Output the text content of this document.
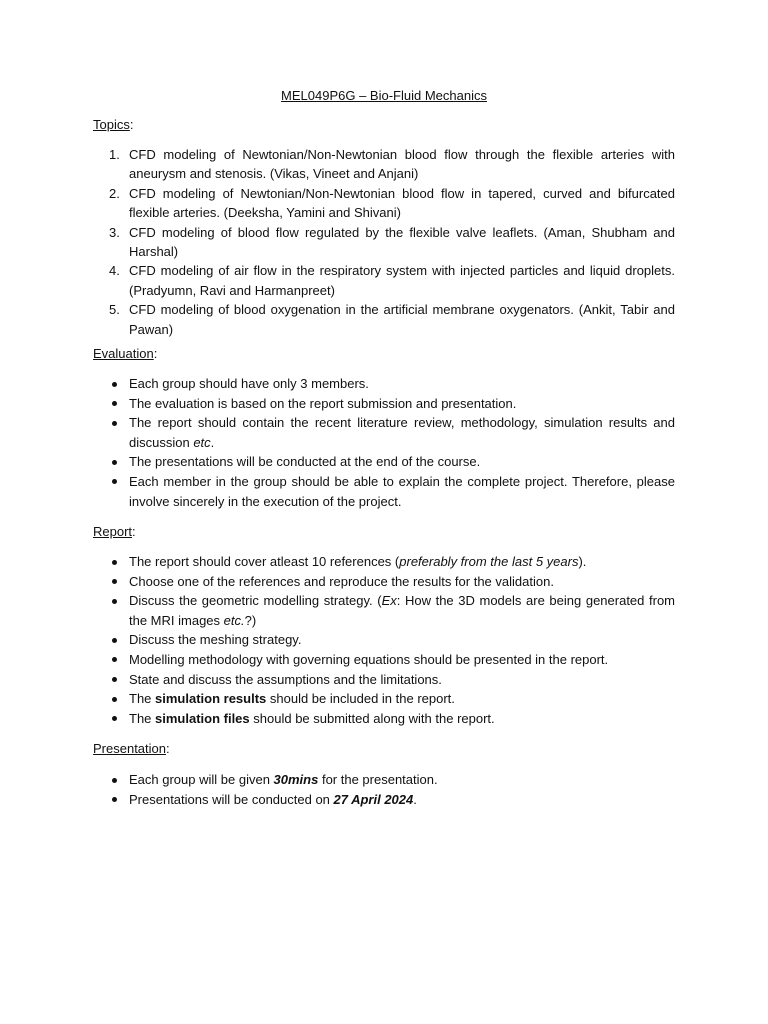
MEL049P6G – Bio-Fluid Mechanics
Topics:
1. CFD modeling of Newtonian/Non-Newtonian blood flow through the flexible arteries with aneurysm and stenosis. (Vikas, Vineet and Anjani)
2. CFD modeling of Newtonian/Non-Newtonian blood flow in tapered, curved and bifurcated flexible arteries. (Deeksha, Yamini and Shivani)
3. CFD modeling of blood flow regulated by the flexible valve leaflets. (Aman, Shubham and Harshal)
4. CFD modeling of air flow in the respiratory system with injected particles and liquid droplets. (Pradyumn, Ravi and Harmanpreet)
5. CFD modeling of blood oxygenation in the artificial membrane oxygenators. (Ankit, Tabir and Pawan)
Evaluation:
Each group should have only 3 members.
The evaluation is based on the report submission and presentation.
The report should contain the recent literature review, methodology, simulation results and discussion etc.
The presentations will be conducted at the end of the course.
Each member in the group should be able to explain the complete project. Therefore, please involve sincerely in the execution of the project.
Report:
The report should cover atleast 10 references (preferably from the last 5 years).
Choose one of the references and reproduce the results for the validation.
Discuss the geometric modelling strategy. (Ex: How the 3D models are being generated from the MRI images etc.?)
Discuss the meshing strategy.
Modelling methodology with governing equations should be presented in the report.
State and discuss the assumptions and the limitations.
The simulation results should be included in the report.
The simulation files should be submitted along with the report.
Presentation:
Each group will be given 30mins for the presentation.
Presentations will be conducted on 27 April 2024.
